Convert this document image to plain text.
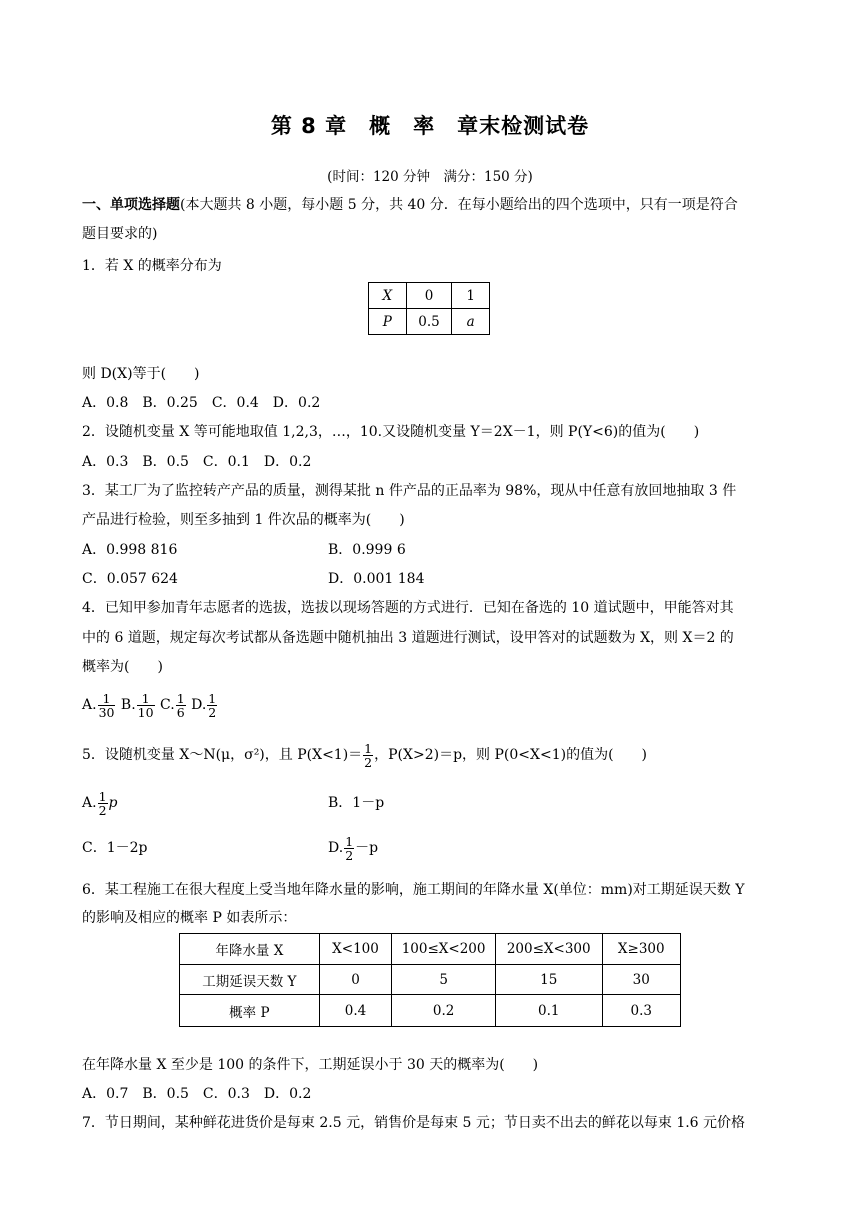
第 8 章　概　率　章末检测试卷
(时间：120 分钟　满分：150 分)
一、单项选择题(本大题共 8 小题，每小题 5 分，共 40 分．在每小题给出的四个选项中，只有一项是符合
题目要求的)
1．若 X 的概率分布为
X	0	1
P	0.5	a
则 D(X)等于(　　)
A．0.8　B．0.25　C．0.4　D．0.2
2．设随机变量 X 等可能地取值 1,2,3，…，10.又设随机变量 Y＝2X－1，则 P(Y<6)的值为(　　)
A．0.3　B．0.5　C．0.1　D．0.2
3．某工厂为了监控转产产品的质量，测得某批 n 件产品的正品率为 98%，现从中任意有放回地抽取 3 件
产品进行检验，则至多抽到 1 件次品的概率为(　　)
A．0.998 816	B．0.999 6
C．0.057 624	D．0.001 184
4．已知甲参加青年志愿者的选拔，选拔以现场答题的方式进行．已知在备选的 10 道试题中，甲能答对其
中的 6 道题，规定每次考试都从备选题中随机抽出 3 道题进行测试，设甲答对的试题数为 X，则 X＝2 的
概率为(　　)
A. $\frac{1}{30} B$. $\frac{1}{10} C$. $\frac{1}{6} D$. $\frac{1}{2}$
5．设随机变量 X～N(μ，σ²)，且 $P(X<1)= \frac{1}{2}$ ，P(X>2)＝p，则 P(0<X<1)的值为(　　)
A. $\frac{1}{2}$ p	B．1－p
C．1－2p	D. $\frac{1}{2} -p$
6．某工程施工在很大程度上受当地年降水量的影响，施工期间的年降水量 X(单位：mm)对工期延误天数 Y
的影响及相应的概率 P 如表所示：
年降水量 X	X<100	100≤X<200	200≤X<300	X≥300
工期延误天数 Y	0	5	15	30
概率 P	0.4	0.2	0.1	0.3
在年降水量 X 至少是 100 的条件下，工期延误小于 30 天的概率为(　　)
A．0.7　B．0.5　C．0.3　D．0.2
7．节日期间，某种鲜花进货价是每束 2.5 元，销售价是每束 5 元；节日卖不出去的鲜花以每束 1.6 元价格
